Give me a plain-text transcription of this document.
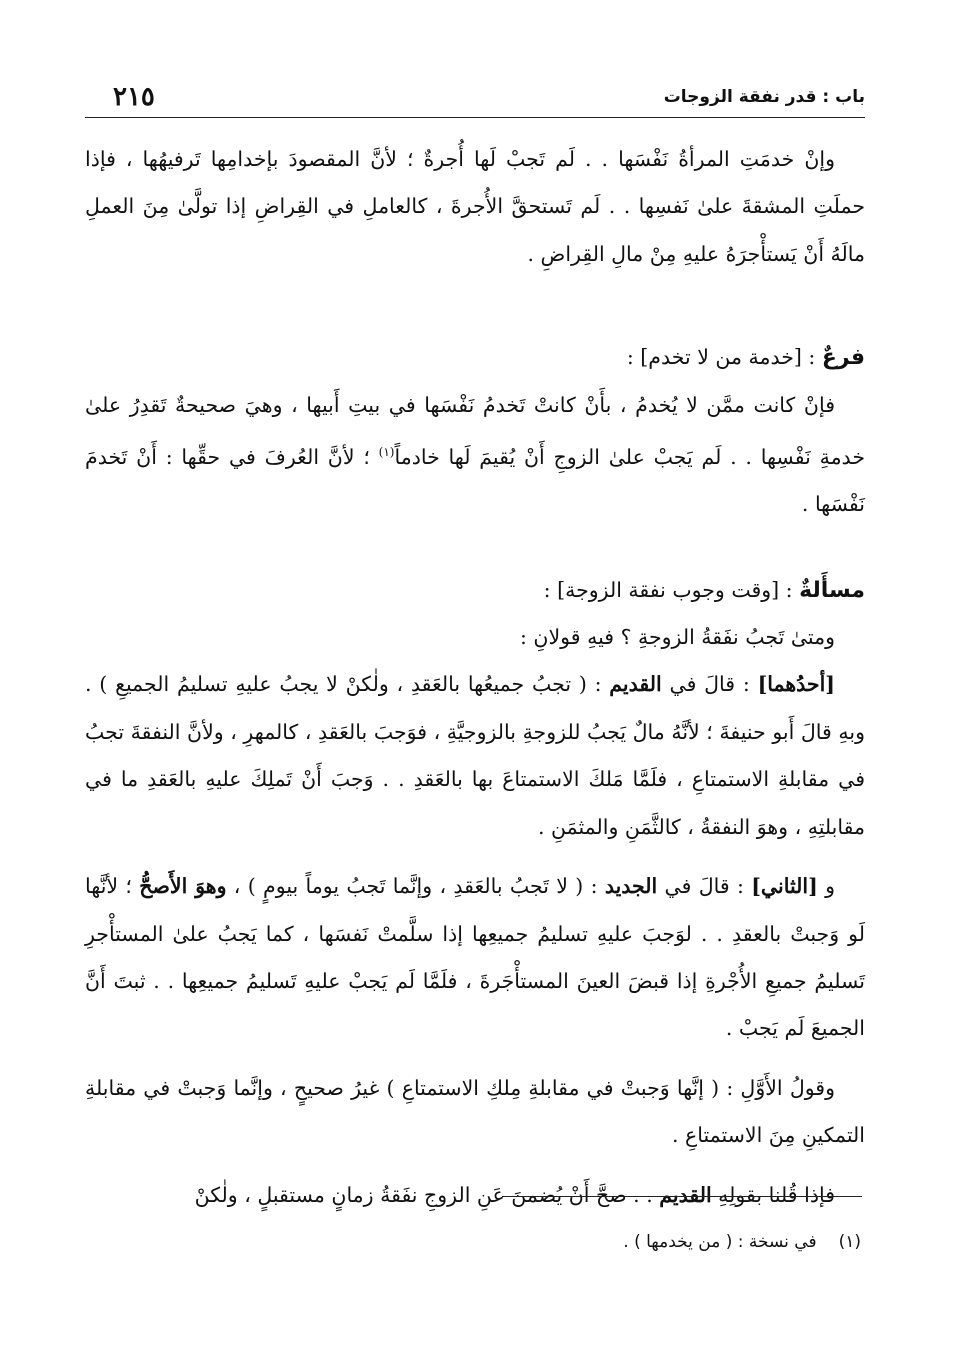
باب : قدر نفقة الزوجات
٢١٥

وإنْ خدمَتِ المرأةُ نَفْسَها . . لَم تَجبْ لَها أُجرةٌ ؛ لأنَّ المقصودَ بإخدامِها تَرفيهُها ، فإذا حملَتِ المشقةَ علىٰ نَفسِها . . لَم تَستحقَّ الأُجرةَ ، كالعاملِ في القِراضِ إذا تولَّىٰ مِنَ العملِ مالَهُ أَنْ يَستأْجرَهُ عليهِ مِنْ مالِ القِراضِ .

فرعٌ : [خدمة من لا تخدم] :

فإنْ كانت ممَّن لا يُخدمُ ، بأَنْ كانتْ تَخدمُ نَفْسَها في بيتِ أَبيها ، وهيَ صحيحةٌ تَقدِرُ علىٰ خدمةِ نَفْسِها . . لَم يَجبْ علىٰ الزوجِ أَنْ يُقيمَ لَها خادماً$^{(١)}$ ؛ لأنَّ العُرفَ في حقِّها : أَنْ تَخدمَ نَفْسَها .

مسأَلةٌ : [وقت وجوب نفقة الزوجة] :

ومتىٰ تَجبُ نفَقةُ الزوجةِ ؟ فيهِ قولانِ :

[أحدُهما] : قالَ في القديم : ( تجبُ جميعُها بالعَقدِ ، ولٰكنْ لا يجبُ عليهِ تسليمُ الجميعِ ) . وبهِ قالَ أَبو حنيفةَ ؛ لأنَّهُ مالٌ يَجبُ للزوجةِ بالزوجيَّةِ ، فوَجبَ بالعَقدِ ، كالمهرِ ، ولأنَّ النفقةَ تجبُ في مقابلةِ الاستمتاعِ ، فلَمَّا مَلكَ الاستمتاعَ بها بالعَقدِ . . وَجبَ أَنْ تَملِكَ عليهِ بالعَقدِ ما في مقابلتِهِ ، وهوَ النفقةُ ، كالثَّمَنِ والمثمَنِ .

و [الثاني] : قالَ في الجديد : ( لا تَجبُ بالعَقدِ ، وإنَّما تَجبُ يوماً بيومٍ ) ، وهوَ الأَصحُّ ؛ لأنَّها لَو وَجبتْ بالعقدِ . . لوَجبَ عليهِ تسليمُ جميعِها إذا سلَّمتْ نَفسَها ، كما يَجبُ علىٰ المستأْجرِ تَسليمُ جميعِ الأُجْرةِ إذا قبضَ العينَ المستأْجَرةَ ، فلَمَّا لَم يَجبْ عليهِ تَسليمُ جميعِها . . ثبتَ أَنَّ الجميعَ لَم يَجبْ .

وقولُ الأَوَّلِ : ( إنَّها وَجبتْ في مقابلةِ مِلكِ الاستمتاعِ ) غيرُ صحيحٍ ، وإنَّما وَجبتْ في مقابلةِ التمكينِ مِنَ الاستمتاعِ .

فإذا قُلنا بقولِهِ القديم . . صحَّ أَنْ يُضمنَ عَنِ الزوجِ نفَقةُ زمانٍ مستقبلٍ ، ولٰكنْ

(١)في نسخة : ( من يخدمها ) .
